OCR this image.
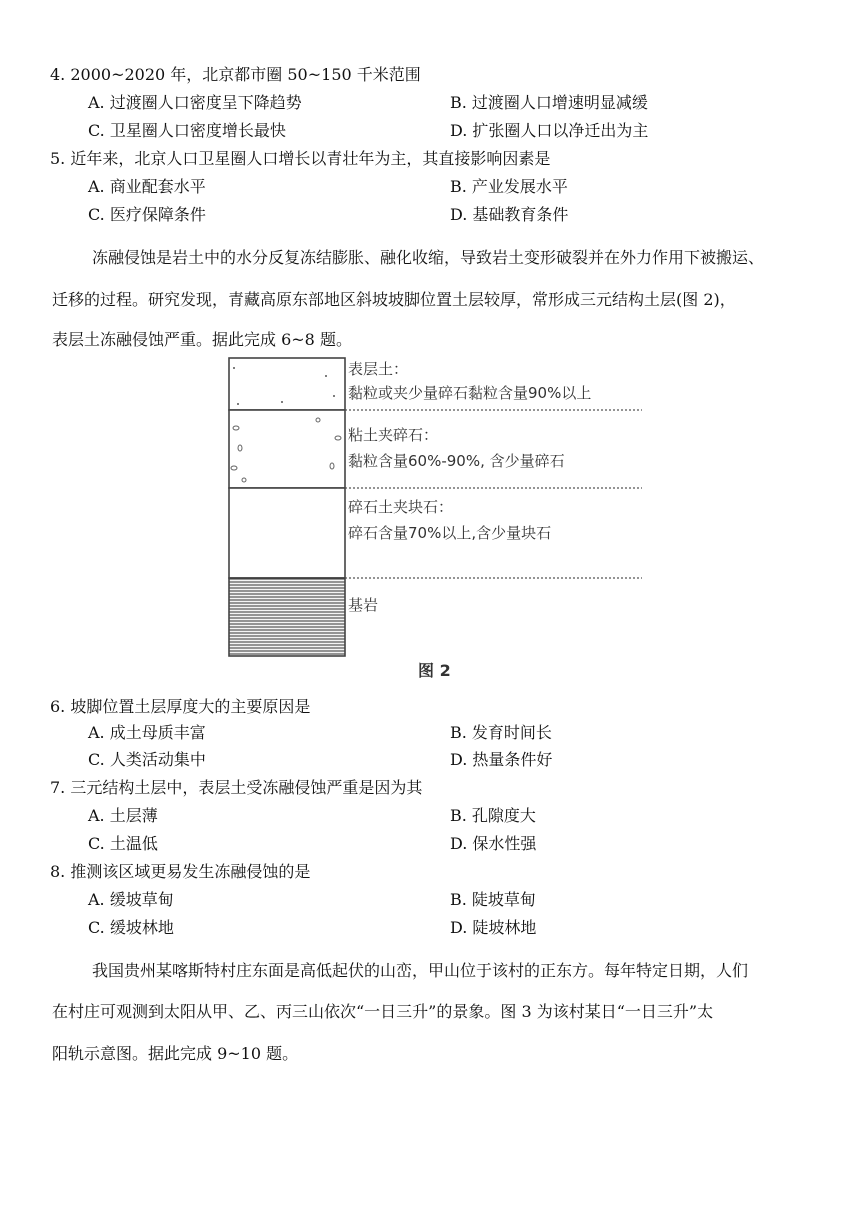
4. 2000~2020 年，北京都市圈 50~150 千米范围
A. 过渡圈人口密度呈下降趋势	B. 过渡圈人口增速明显减缓
C. 卫星圈人口密度增长最快	D. 扩张圈人口以净迁出为主
5. 近年来，北京人口卫星圈人口增长以青壮年为主，其直接影响因素是
A. 商业配套水平	B. 产业发展水平
C. 医疗保障条件	D. 基础教育条件
冻融侵蚀是岩土中的水分反复冻结膨胀、融化收缩，导致岩土变形破裂并在外力作用下被搬运、
迁移的过程。研究发现，青藏高原东部地区斜坡坡脚位置土层较厚，常形成三元结构土层(图 2)，
表层土冻融侵蚀严重。据此完成 6~8 题。
表层土：
黏粒或夹少量碎石黏粒含量90%以上
粘土夹碎石：
黏粒含量60%-90%, 含少量碎石
碎石土夹块石：
碎石含量70%以上,含少量块石
基岩
图 2
6. 坡脚位置土层厚度大的主要原因是
A. 成土母质丰富	B. 发育时间长
C. 人类活动集中	D. 热量条件好
7. 三元结构土层中，表层土受冻融侵蚀严重是因为其
A. 土层薄	B. 孔隙度大
C. 土温低	D. 保水性强
8. 推测该区域更易发生冻融侵蚀的是
A. 缓坡草甸	B. 陡坡草甸
C. 缓坡林地	D. 陡坡林地
我国贵州某喀斯特村庄东面是高低起伏的山峦，甲山位于该村的正东方。每年特定日期，人们
在村庄可观测到太阳从甲、乙、丙三山依次“一日三升”的景象。图 3 为该村某日“一日三升”太
阳轨示意图。据此完成 9~10 题。
